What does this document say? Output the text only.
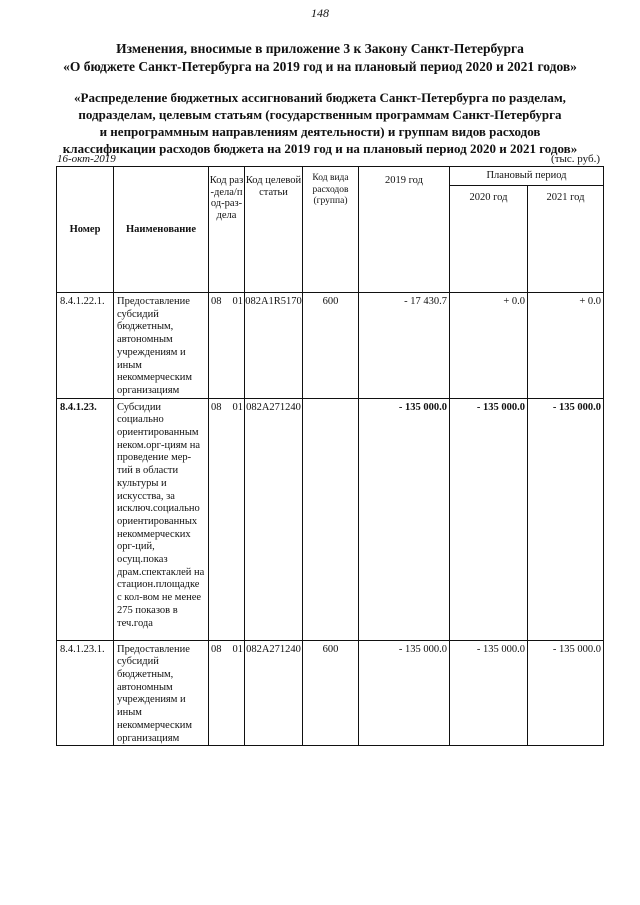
148
Изменения, вносимые в приложение 3 к Закону Санкт-Петербурга
«О бюджете Санкт-Петербурга на 2019 год и на плановый период 2020 и 2021 годов»
«Распределение бюджетных ассигнований бюджета Санкт-Петербурга по разделам,
подразделам, целевым статьям (государственным программам Санкт-Петербурга
и непрограммным направлениям деятельности) и группам видов расходов
классификации расходов бюджета на 2019 год и на плановый период 2020 и 2021 годов»
16-окт-2019	(тыс. руб.)
Номер	Наименование	Код раз-дела/под-раз-дела	Код целевой статьи	Код вида расходов (группа)	2019 год	Плановый период	
						2020 год	2021 год
8.4.1.22.1.	Предоставление субсидий бюджетным, автономным учреждениям и иным некоммерческим организациям	08 01	082A1R5170	600	- 17 430.7	+ 0.0	+ 0.0
8.4.1.23.	Субсидии социально ориентированным неком.орг-циям на проведение мер-тий в области культуры и искусства, за исключ.социально ориентированных некоммерческих орг-ций, осущ.показ драм.спектаклей на стацион.площадке с кол-вом не менее 275 показов в теч.года	08 01	082A271240		- 135 000.0	- 135 000.0	- 135 000.0
8.4.1.23.1.	Предоставление субсидий бюджетным, автономным учреждениям и иным некоммерческим организациям	08 01	082A271240	600	- 135 000.0	- 135 000.0	- 135 000.0
